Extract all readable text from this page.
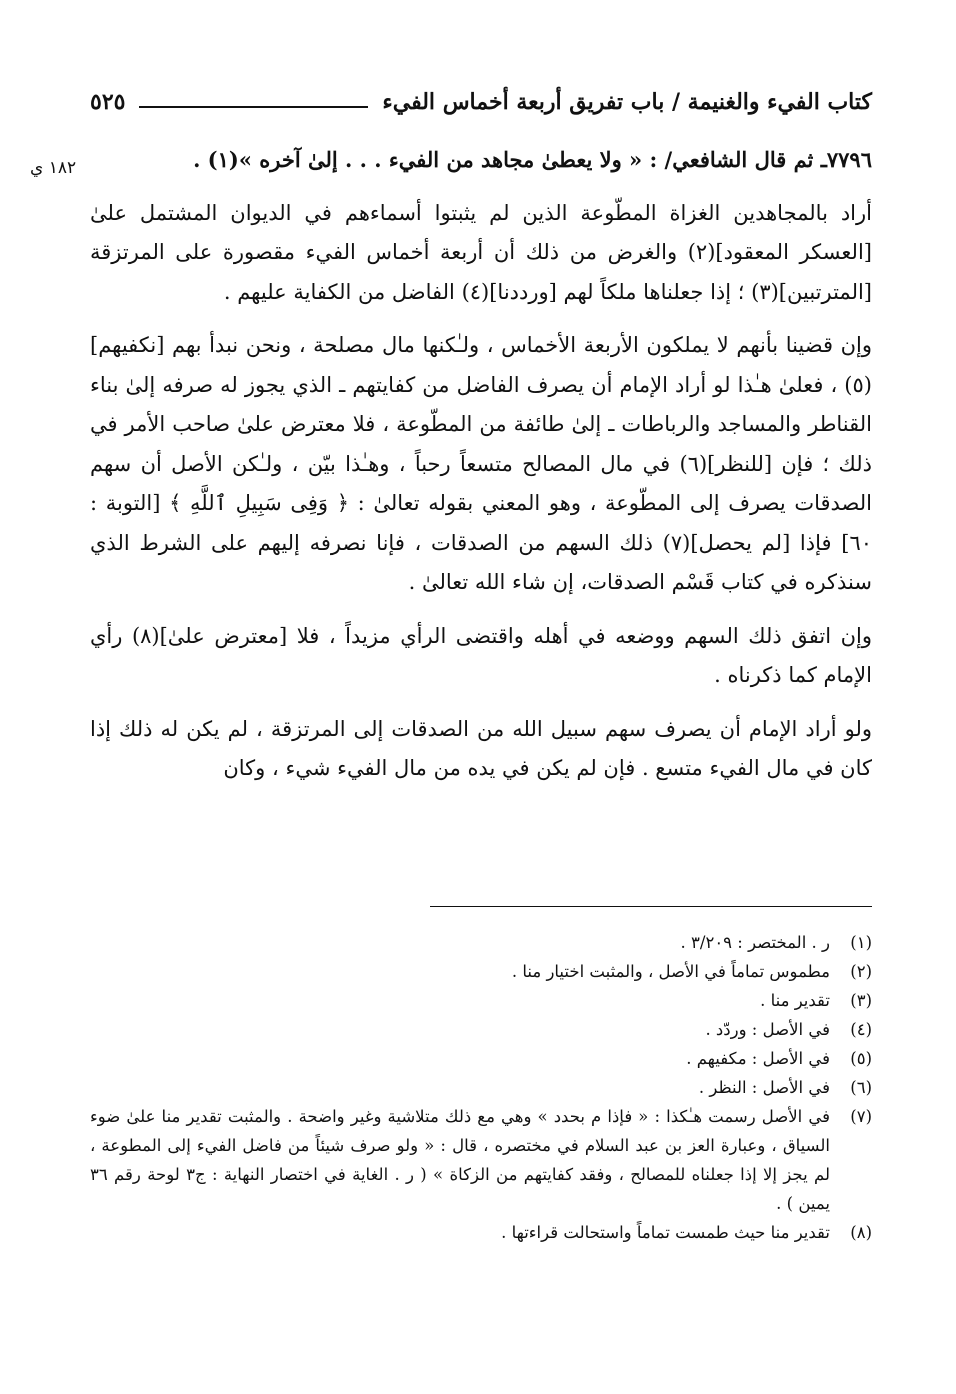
كتاب الفيء والغنيمة / باب تفريق أربعة أخماس الفيء
٥٢٥
١٨٢ ي	٧٧٩٦ـ ثم قال الشافعي/ : « ولا يعطىٰ مجاهد من الفيء . . . إلىٰ آخره »(١) .

أراد بالمجاهدين الغزاة المطّوعة الذين لم يثبتوا أسماءهم في الديوان المشتمل علىٰ [العسكر المعقود](٢) والغرض من ذلك أن أربعة أخماس الفيء مقصورة على المرتزقة [المترتبين](٣) ؛ إذا جعلناها ملكاً لهم [ورددنا](٤) الفاضل من الكفاية عليهم .

وإن قضينا بأنهم لا يملكون الأربعة الأخماس ، ولـٰكنها مال مصلحة ، ونحن نبدأ بهم [نكفيهم](٥) ، فعلىٰ هـٰذا لو أراد الإمام أن يصرف الفاضل من كفايتهم ـ الذي يجوز له صرفه إلىٰ بناء القناطر والمساجد والرباطات ـ إلىٰ طائفة من المطّوعة ، فلا معترض علىٰ صاحب الأمر في ذلك ؛ فإن [للنظر](٦) في مال المصالح متسعاً رحباً ، وهـٰذا بيّن ، ولـٰكن الأصل أن سهم الصدقات يصرف إلى المطّوعة ، وهو المعني بقوله تعالىٰ : ﴿ وَفِى سَبِيلِ ٱللَّهِ ﴾ [التوبة : ٦٠] فإذا [لم يحصل](٧) ذلك السهم من الصدقات ، فإنا نصرفه إليهم على الشرط الذي سنذكره في كتاب قَسْم الصدقات، إن شاء الله تعالىٰ .

وإن اتفق ذلك السهم ووضعه في أهله واقتضى الرأي مزيداً ، فلا [معترض علىٰ](٨) رأي الإمام كما ذكرناه .

ولو أراد الإمام أن يصرف سهم سبيل الله من الصدقات إلى المرتزقة ، لم يكن له ذلك إذا كان في مال الفيء متسع . فإن لم يكن في يده من مال الفيء شيء ، وكان

(١)
ر . المختصر : ٣/٢٠٩ .
(٢)
مطموس تماماً في الأصل ، والمثبت اختيار منا .
(٣)
تقدير منا .
(٤)
في الأصل : وردّد .
(٥)
في الأصل : مكفيهم .
(٦)
في الأصل : النظر .
(٧)
في الأصل رسمت هـٰكذا : « فإذا م بحدد » وهي مع ذلك متلاشية وغير واضحة . والمثبت تقدير منا علىٰ ضوء السياق ، وعبارة العز بن عبد السلام في مختصره ، قال : « ولو صرف شيئاً من فاضل الفيء إلى المطوعة ، لم يجز إلا إذا جعلناه للمصالح ، وفقد كفايتهم من الزكاة » ( ر . الغاية في اختصار النهاية : ج٣ لوحة رقم ٣٦ يمين ) .
(٨)
تقدير منا حيث طمست تماماً واستحالت قراءتها .
